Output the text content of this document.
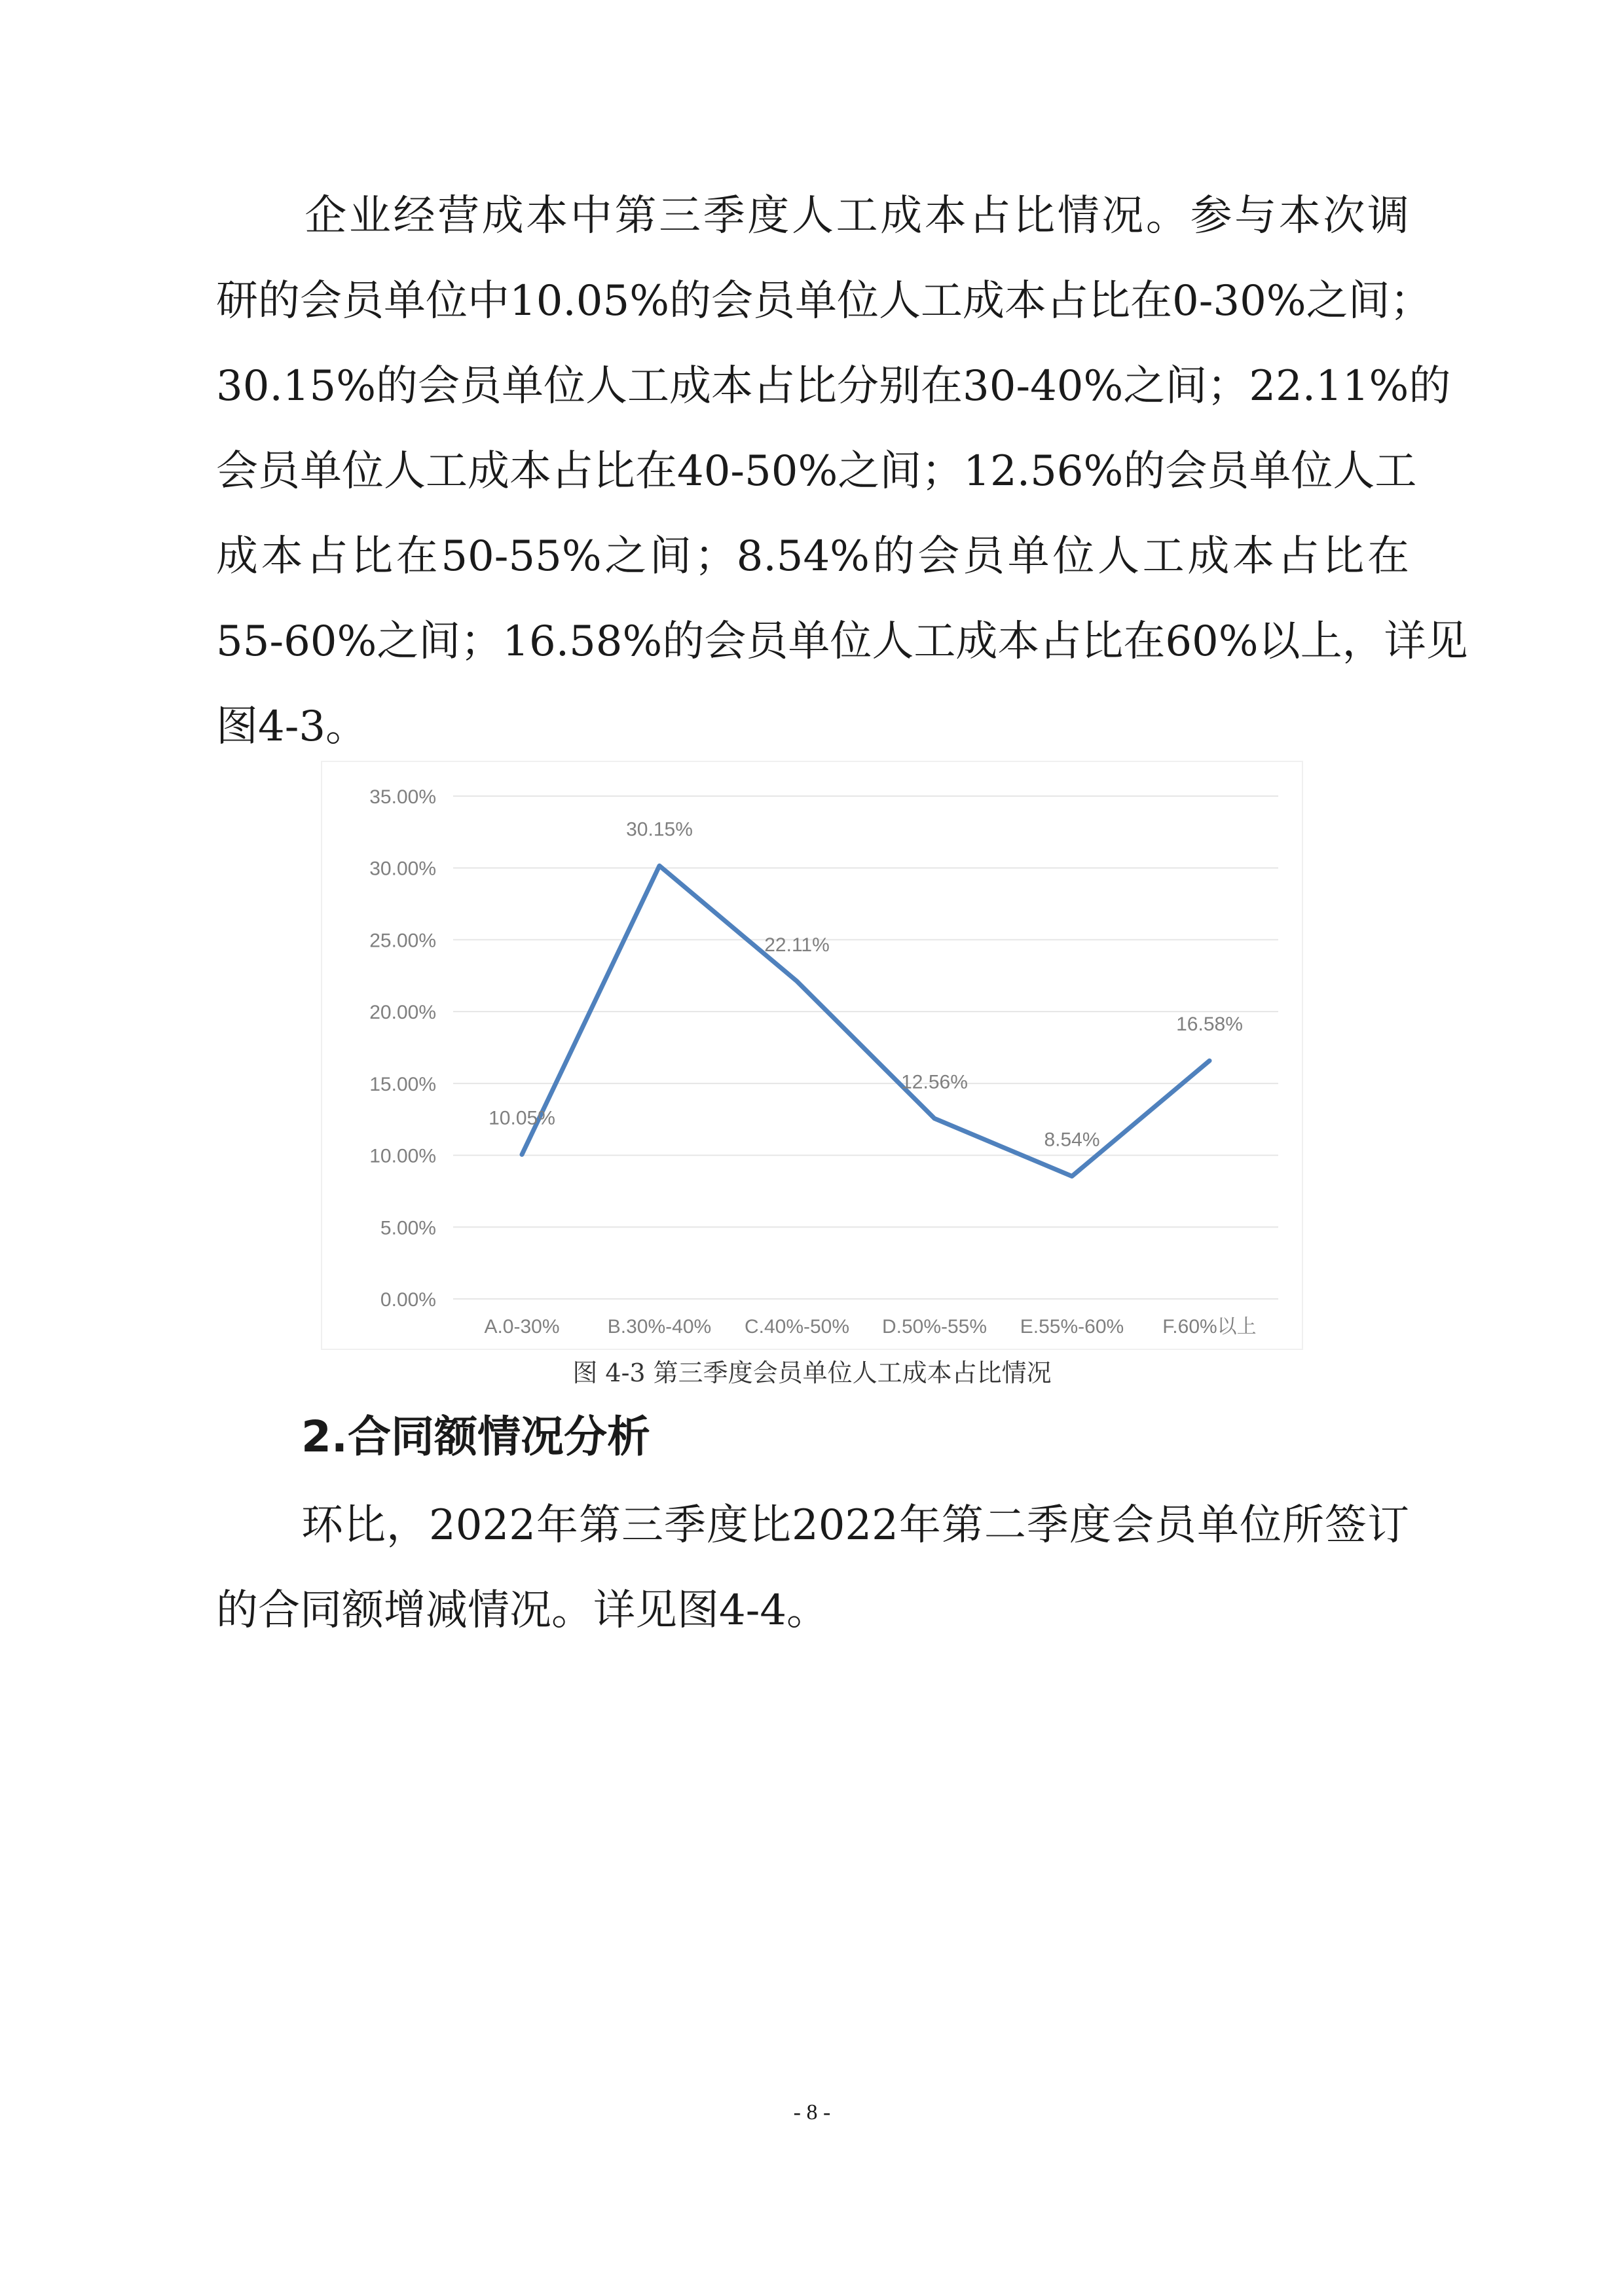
　　企业经营成本中第三季度人工成本占比情况。参与本次调
研的会员单位中10.05%的会员单位人工成本占比在0-30%之间；
30.15%的会员单位人工成本占比分别在30-40%之间；22.11%的
会员单位人工成本占比在40-50%之间；12.56%的会员单位人工
成本占比在50-55%之间；8.54%的会员单位人工成本占比在
55-60%之间；16.58%的会员单位人工成本占比在60%以上，详见
图4-3。
0.00%
5.00%
10.00%
15.00%
20.00%
25.00%
30.00%
35.00%
A.0-30% B.30%-40% C.40%-50% D.50%-55% E.55%-60% F.60%以上
10.05%
30.15%
22.11%
12.56%
8.54%
16.58%
图 4-3 第三季度会员单位人工成本占比情况
2.合同额情况分析
　　环比，2022年第三季度比2022年第二季度会员单位所签订
的合同额增减情况。详见图4-4。
- 8 -
